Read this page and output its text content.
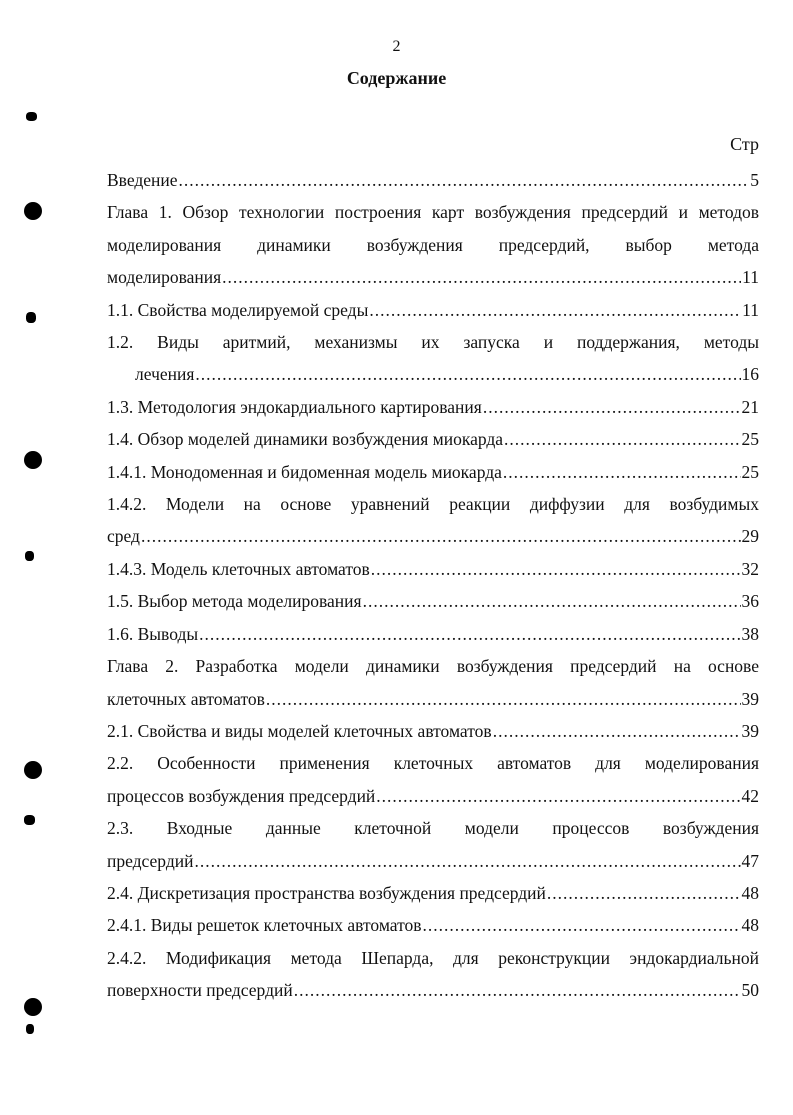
2
Содержание
Стр
Введение .....	5
Глава 1. Обзор технологии построения карт возбуждения предсердий и методов
моделирования динамики возбуждения предсердий, выбор метода
моделирования .....	11
1.1. Свойства моделируемой среды .....	11
1.2. Виды аритмий, механизмы их запуска и поддержания, методы
лечения .....	16
1.3. Методология эндокардиального картирования .....	21
1.4. Обзор моделей динамики возбуждения миокарда .....	25
1.4.1. Монодоменная и бидоменная модель миокарда .....	25
1.4.2. Модели на основе уравнений реакции диффузии для возбудимых
сред .....	29
1.4.3. Модель клеточных автоматов .....	32
1.5. Выбор метода моделирования .....	36
1.6. Выводы .....	38
Глава 2. Разработка модели динамики возбуждения предсердий на основе
клеточных автоматов .....	39
2.1. Свойства и виды моделей клеточных автоматов .....	39
2.2. Особенности применения клеточных автоматов для моделирования
процессов возбуждения предсердий .....	42
2.3. Входные данные клеточной модели процессов возбуждения
предсердий .....	47
2.4. Дискретизация пространства возбуждения предсердий .....	48
2.4.1. Виды решеток клеточных автоматов .....	48
2.4.2. Модификация метода Шепарда, для реконструкции эндокардиальной
поверхности предсердий .....	50
